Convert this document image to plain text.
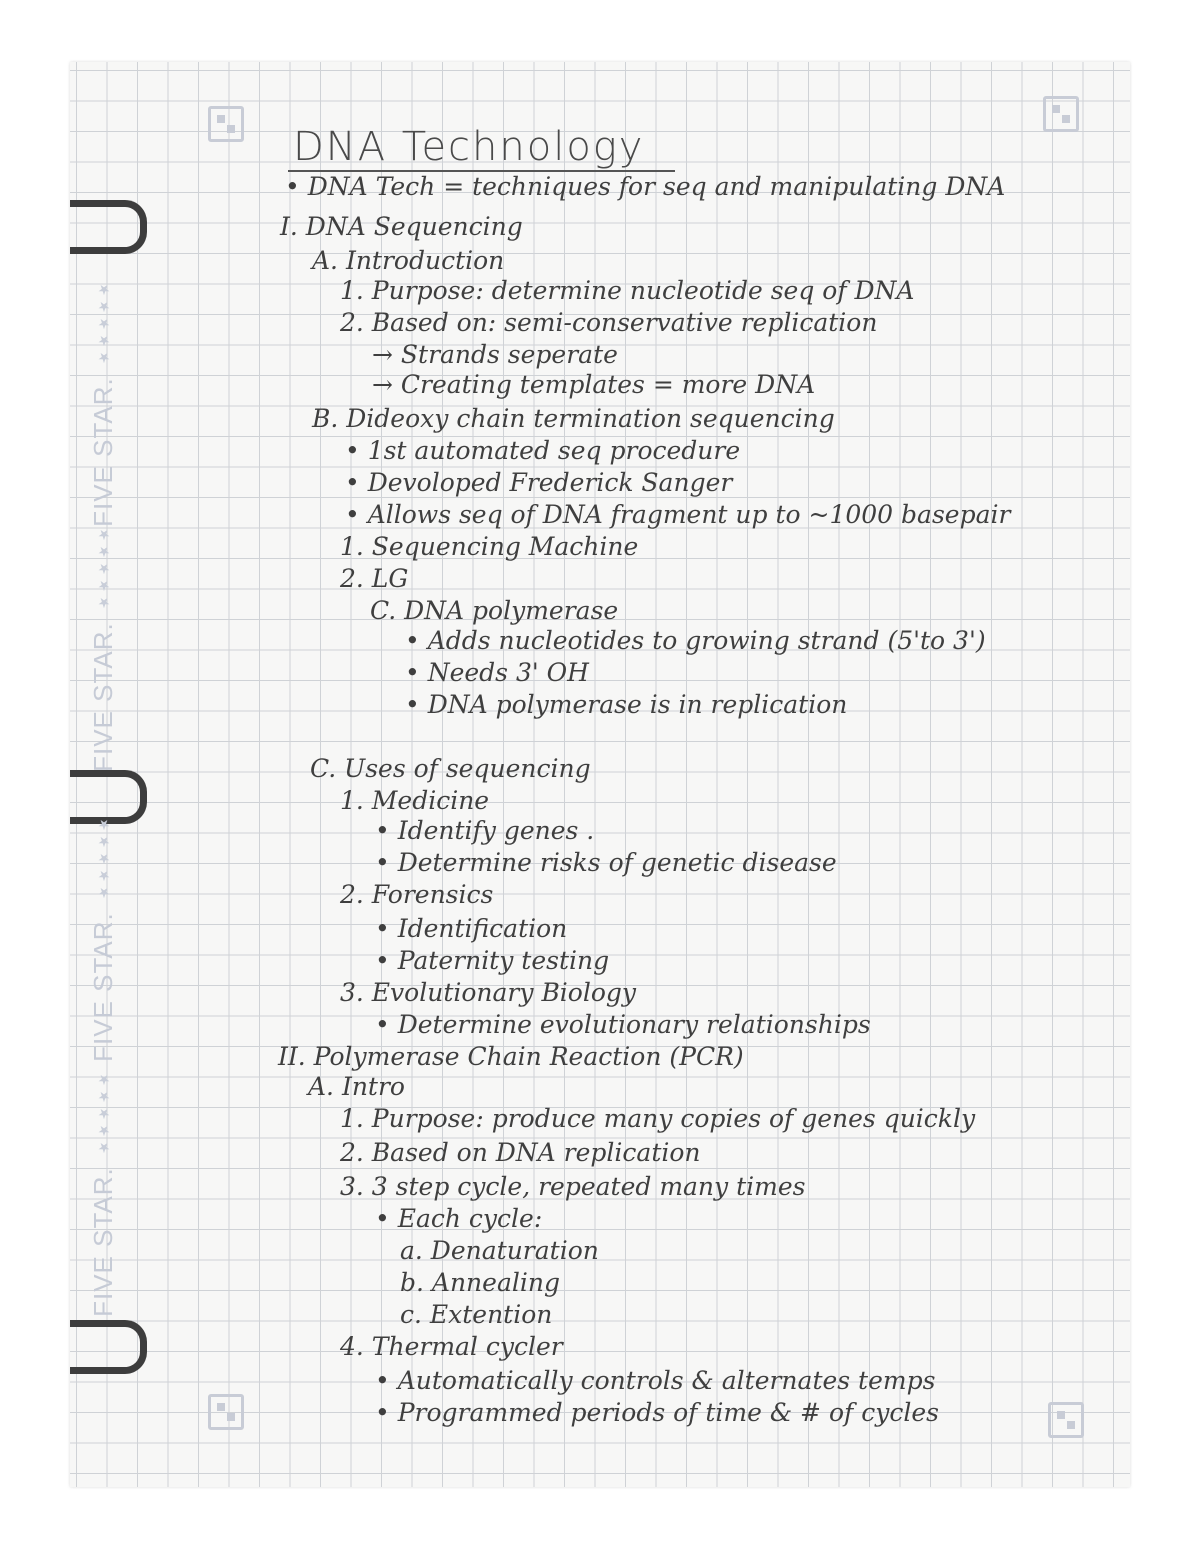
FIVE STAR. ★★★★★
FIVE STAR. ★★★★★
FIVE STAR. ★★★★★
FIVE STAR. ★★★★★
DNA Technology
• DNA Tech = techniques for seq and manipulating DNA
I. DNA Sequencing
A. Introduction
1. Purpose: determine nucleotide seq of DNA
2. Based on: semi-conservative replication
→ Strands seperate
→ Creating templates = more DNA
B. Dideoxy chain termination sequencing
• 1st automated seq procedure
• Devoloped Frederick Sanger
• Allows seq of DNA fragment up to ~1000 basepair
1. Sequencing Machine
2. LG
C. DNA polymerase
• Adds nucleotides to growing strand (5'to 3')
• Needs 3' OH
• DNA polymerase is in replication
C. Uses of sequencing
1. Medicine
• Identify genes .
• Determine risks of genetic disease
2. Forensics
• Identification
• Paternity testing
3. Evolutionary Biology
• Determine evolutionary relationships
II. Polymerase Chain Reaction (PCR)
A. Intro
1. Purpose: produce many copies of genes quickly
2. Based on DNA replication
3. 3 step cycle, repeated many times
• Each cycle:
a. Denaturation
b. Annealing
c. Extention
4. Thermal cycler
• Automatically controls & alternates temps
• Programmed periods of time & # of cycles
